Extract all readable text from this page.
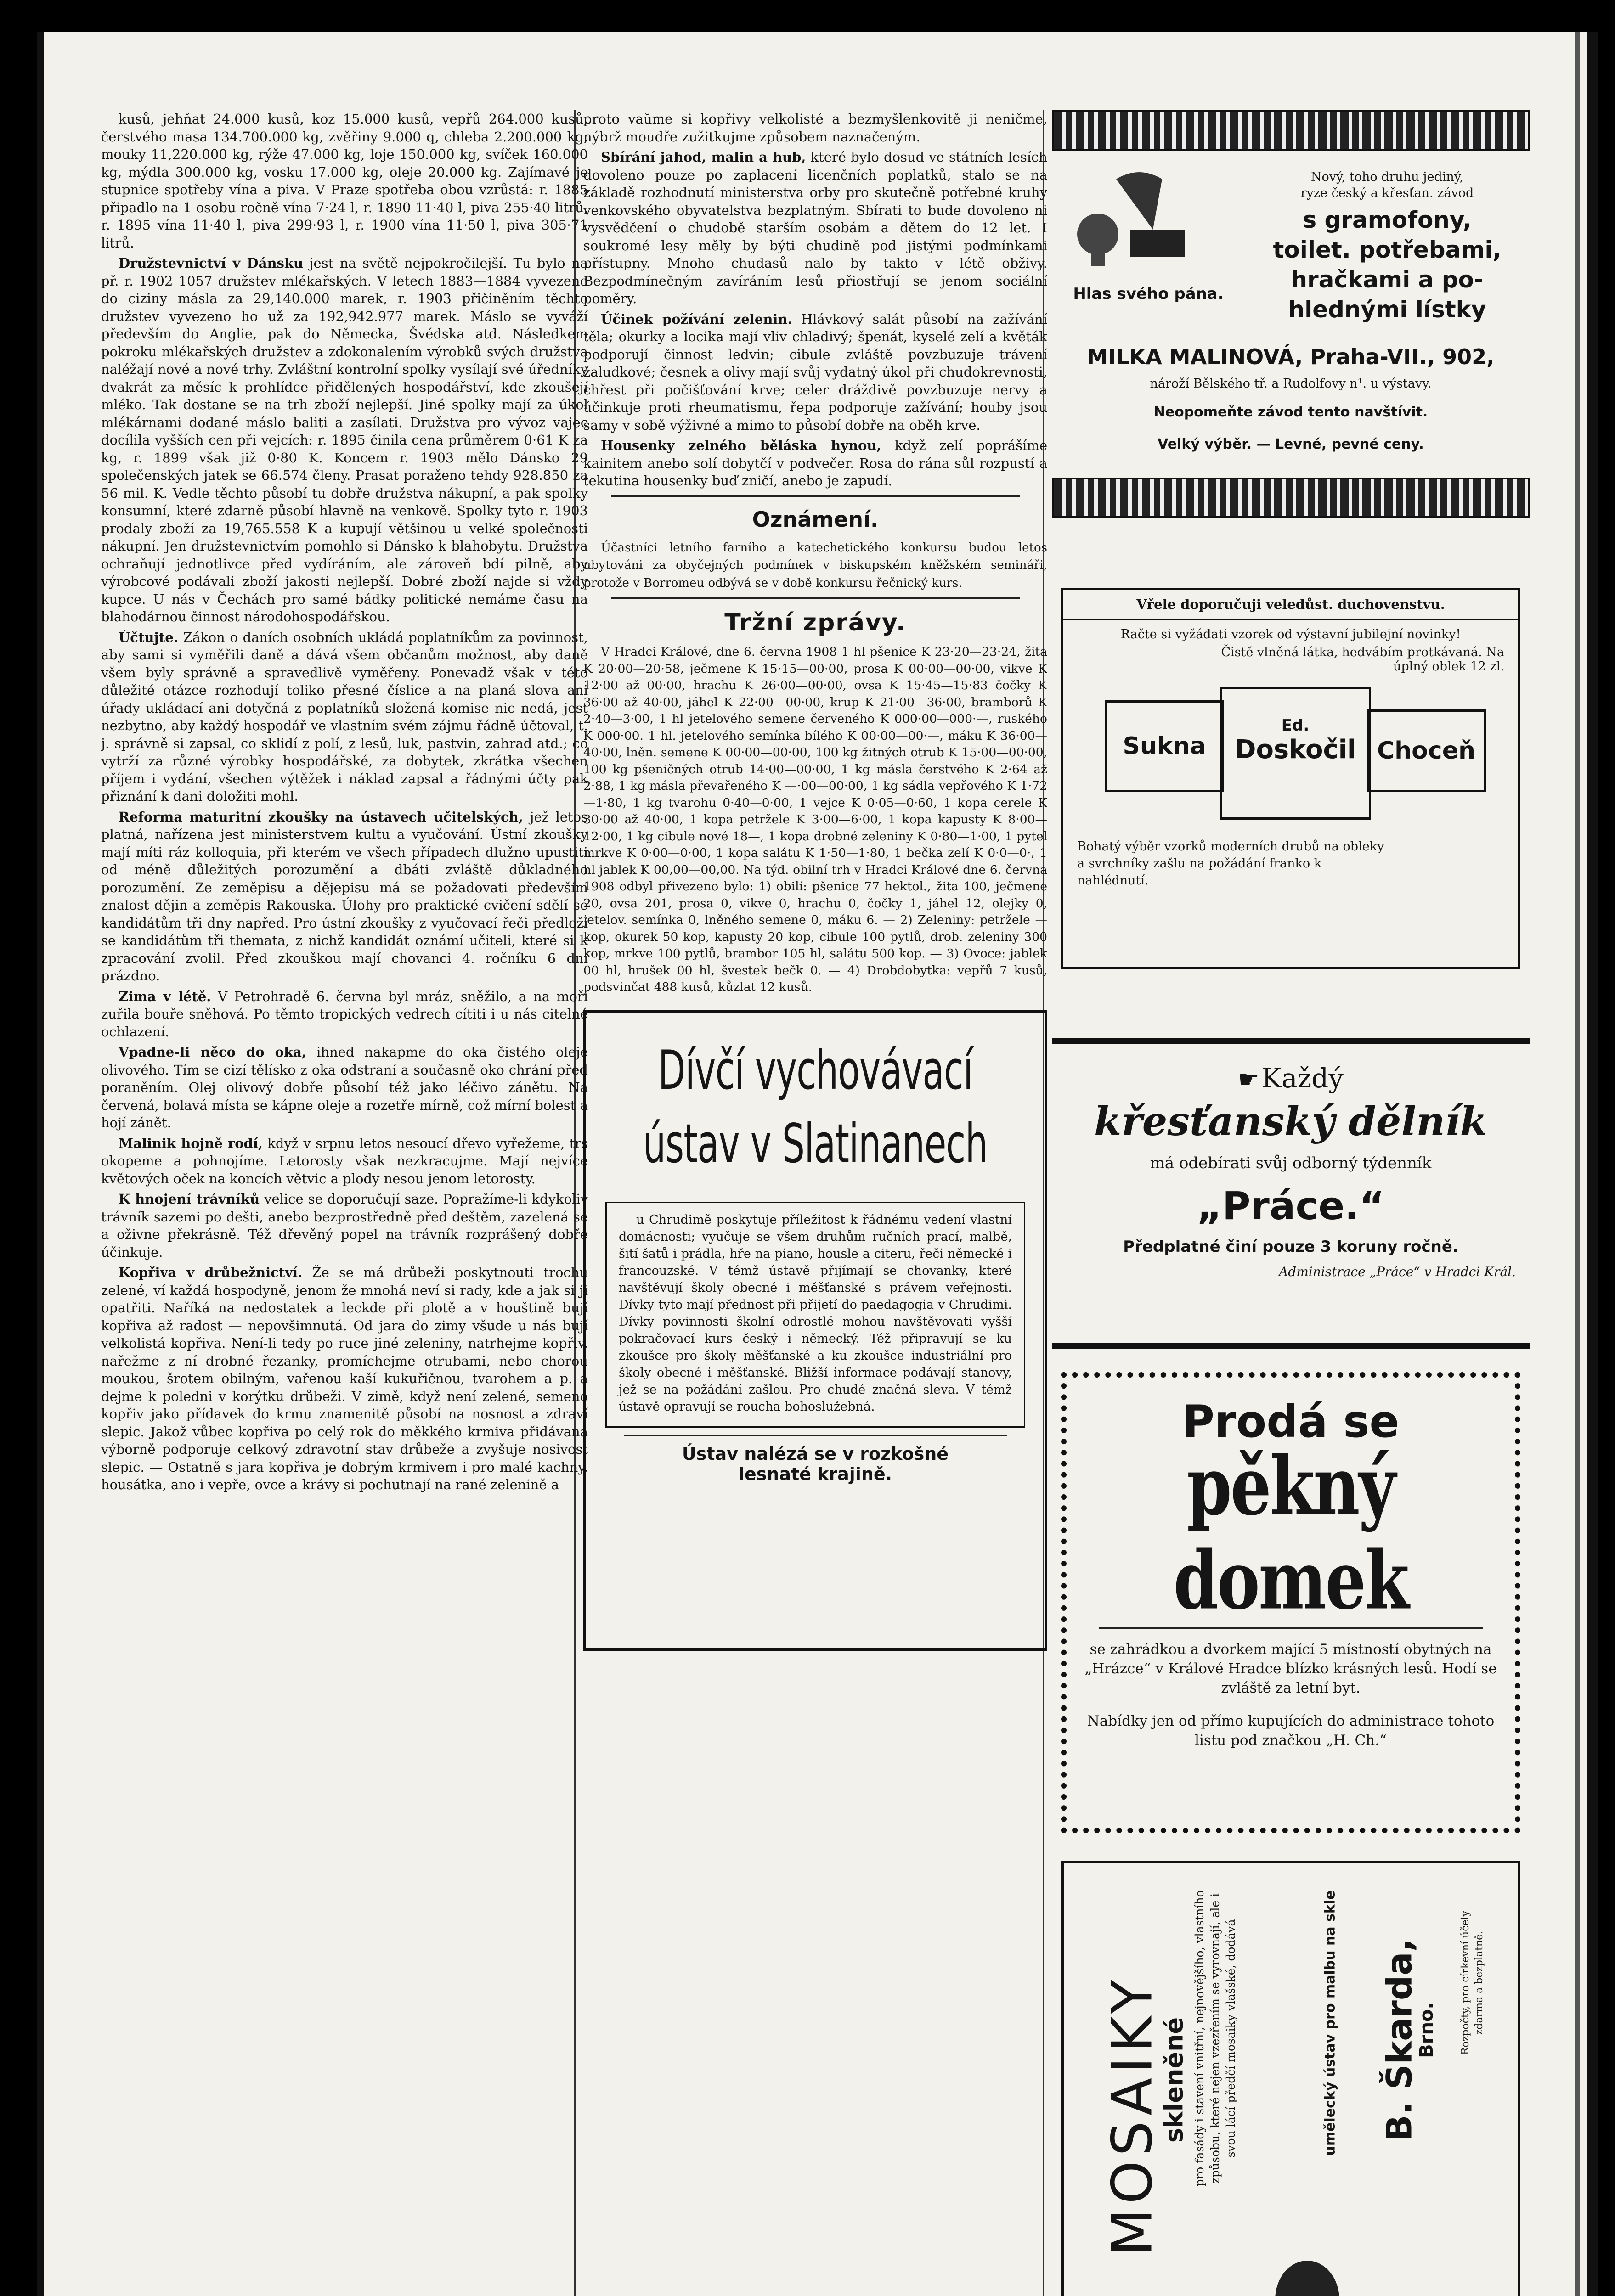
kusů, jehňat 24.000 kusů, koz 15.000 kusů, vepřů 264.000 kusů, čerstvého masa 134.700.000 kg, zvěřiny 9.000 q, chleba 2.200.000 kg, mouky 11,220.000 kg, rýže 47.000 kg, loje 150.000 kg, svíček 160.000 kg, mýdla 300.000 kg, vosku 17.000 kg, oleje 20.000 kg. Zajímavé je stupnice spotřeby vína a piva. V Praze spotřeba obou vzrůstá: r. 1885 připadlo na 1 osobu ročně vína 7·24 l, r. 1890 11·40 l, piva 255·40 litrů, r. 1895 vína 11·40 l, piva 299·93 l, r. 1900 vína 11·50 l, piva 305·71 litrů.

Družstevnictví v Dánsku jest na světě nejpokročilejší. Tu bylo na př. r. 1902 1057 družstev mlékařských. V letech 1883—1884 vyvezeno do ciziny másla za 29,140.000 marek, r. 1903 přičiněním těchto družstev vyvezeno ho už za 192,942.977 marek. Máslo se vyváží především do Anglie, pak do Německa, Švédska atd. Následkem pokroku mlékařských družstev a zdokonalením výrobků svých družstva naléžají nové a nové trhy. Zvláštní kontrolní spolky vysílají své úředníky dvakrát za měsíc k prohlídce přidělených hospodářství, kde zkoušejí mléko. Tak dostane se na trh zboží nejlepší. Jiné spolky mají za úkol mlékárnami dodané máslo baliti a zasílati. Družstva pro vývoz vajec docílila vyšších cen při vejcích: r. 1895 činila cena průměrem 0·61 K za kg, r. 1899 však již 0·80 K. Koncem r. 1903 mělo Dánsko 29 společenských jatek se 66.574 členy. Prasat poraženo tehdy 928.850 za 56 mil. K. Vedle těchto působí tu dobře družstva nákupní, a pak spolky konsumní, které zdarně působí hlavně na venkově. Spolky tyto r. 1903 prodaly zboží za 19,765.558 K a kupují většinou u velké společnosti nákupní. Jen družstevnictvím pomohlo si Dánsko k blahobytu. Družstva ochraňují jednotlivce před vydíráním, ale zároveň bdí pilně, aby výrobcové podávali zboží jakosti nejlepší. Dobré zboží najde si vždy kupce. U nás v Čechách pro samé bádky politické nemáme času na blahodárnou činnost národohospodářskou.

Účtujte. Zákon o daních osobních ukládá poplatníkům za povinnost, aby sami si vyměřili daně a dává všem občanům možnost, aby daně všem byly správně a spravedlivě vyměřeny. Ponevadž však v této důležité otázce rozhodují toliko přesné číslice a na planá slova ani úřady ukládací ani dotyčná z poplatníků složená komise nic nedá, jest nezbytno, aby každý hospodář ve vlastním svém zájmu řádně účtoval, t. j. správně si zapsal, co sklidí z polí, z lesů, luk, pastvin, zahrad atd.; co vytrží za různé výrobky hospodářské, za dobytek, zkrátka všechen příjem i vydání, všechen výtěžek i náklad zapsal a řádnými účty pak přiznání k dani doložiti mohl.

Reforma maturitní zkoušky na ústavech učitelských, jež letos platná, nařízena jest ministerstvem kultu a vyučování. Ústní zkoušky mají míti ráz kolloquia, při kterém ve všech případech dlužno upustiti od méně důležitých porozumění a dbáti zvláště důkladného porozumění. Ze zeměpisu a dějepisu má se požadovati především znalost dějin a zeměpis Rakouska. Úlohy pro praktické cvičení sdělí se kandidátům tři dny napřed. Pro ústní zkoušky z vyučovací řeči předloží se kandidátům tři themata, z nichž kandidát oznámí učiteli, které si k zpracování zvolil. Před zkouškou mají chovanci 4. ročníku 6 dní prázdno.

Zima v létě. V Petrohradě 6. června byl mráz, sněžilo, a na moři zuřila bouře sněhová. Po těmto tropických vedrech cítiti i u nás citelné ochlazení.

Vpadne-li něco do oka, ihned nakapme do oka čistého oleje olivového. Tím se cizí tělísko z oka odstraní a současně oko chrání před poraněním. Olej olivový dobře působí též jako léčivo zánětu. Na červená, bolavá místa se kápne oleje a rozetře mírně, což mírní bolest a hojí zánět.

Malinik hojně rodí, když v srpnu letos nesoucí dřevo vyřežeme, trs okopeme a pohnojíme. Letorosty však nezkracujme. Mají nejvíce květových oček na koncích větvic a plody nesou jenom letorosty.

K hnojení trávníků velice se doporučují saze. Popražíme-li kdykoliv trávník sazemi po dešti, anebo bezprostředně před deštěm, zazelená se a oživne překrásně. Též dřevěný popel na trávník rozprášený dobře účinkuje.

Kopřiva v drůbežnictví. Že se má drůbeži poskytnouti trochu zelené, ví každá hospodyně, jenom že mnohá neví si rady, kde a jak si ji opatřiti. Naříká na nedostatek a leckde při plotě a v houštině bují kopřiva až radost — nepovšimnutá. Od jara do zimy všude u nás bují velkolistá kopřiva. Není-li tedy po ruce jiné zeleniny, natrhejme kopřiv, nařežme z ní drobné řezanky, promíchejme otrubami, nebo chorou moukou, šrotem obilným, vařenou kaší kukuřičnou, tvarohem a p. a dejme k poledni v korýtku drůbeži. V zimě, když není zelené, semeno kopřiv jako přídavek do krmu znamenitě působí na nosnost a zdraví slepic. Jakož vůbec kopřiva po celý rok do měkkého krmiva přidávaná výborně podporuje celkový zdravotní stav drůbeže a zvyšuje nosivost slepic. — Ostatně s jara kopřiva je dobrým krmivem i pro malé kachny, housátka, ano i vepře, ovce a krávy si pochutnají na rané zelenině a

proto vaŭme si kopřivy velkolisté a bezmyšlenkovitě ji neničme, nýbrž moudře zužitkujme způsobem naznačeným.

Sbírání jahod, malin a hub, které bylo dosud ve státních lesích dovoleno pouze po zaplacení licenčních poplatků, stalo se na základě rozhodnutí ministerstva orby pro skutečně potřebné kruhy venkovského obyvatelstva bezplatným. Sbírati to bude dovoleno ni vysvědčení o chudobě starším osobám a dětem do 12 let. I soukromé lesy měly by býti chudině pod jistými podmínkami přístupny. Mnoho chudasů nalo by takto v létě obživy. Bezpodmínečným zavíráním lesů přiostřují se jenom sociální poměry.

Účinek požívání zelenin. Hlávkový salát působí na zažívání těla; okurky a locika mají vliv chladivý; špenát, kyselé zelí a květák podporují činnost ledvin; cibule zvláště povzbuzuje trávení žaludkové; česnek a olivy mají svůj vydatný úkol při chudokrevnosti, chřest při počišťování krve; celer dráždivě povzbuzuje nervy a účinkuje proti rheumatismu, řepa podporuje zažívání; houby jsou samy v sobě výživné a mimo to působí dobře na oběh krve.

Housenky zelného běláska hynou, když zelí poprášíme kainitem anebo solí dobytčí v podvečer. Rosa do rána sůl rozpustí a tekutina housenky buď zničí, anebo je zapudí.

Oznámení.

Účastníci letního farního a katechetického konkursu budou letos ubytováni za obyčejných podmínek v biskupském kněžském semináři, protože v Borromeu odbývá se v době konkursu řečnický kurs.

Tržní zprávy.

V Hradci Králové, dne 6. června 1908 1 hl pšenice K 23·20—23·24, žita K 20·00—20·58, ječmene K 15·15—00·00, prosa K 00·00—00·00, vikve K 12·00 až 00·00, hrachu K 26·00—00·00, ovsa K 15·45—15·83 čočky K 36·00 až 40·00, jáhel K 22·00—00·00, krup K 21·00—36·00, bramborů K 2·40—3·00, 1 hl jetelového semene červeného K 000·00—000·—, ruského K 000·00. 1 hl. jetelového semínka bílého K 00·00—00·—, máku K 36·00—40·00, lněn. semene K 00·00—00·00, 100 kg žitných otrub K 15·00—00·00, 100 kg pšeničných otrub 14·00—00·00, 1 kg másla čerstvého K 2·64 až 2·88, 1 kg másla převařeného K —·00—00·00, 1 kg sádla vepřového K 1·72—1·80, 1 kg tvarohu 0·40—0·00, 1 vejce K 0·05—0·60, 1 kopa cerele K 30·00 až 40·00, 1 kopa petržele K 3·00—6·00, 1 kopa kapusty K 8·00—12·00, 1 kg cibule nové 18—, 1 kopa drobné zeleniny K 0·80—1·00, 1 pytel mrkve K 0·00—0·00, 1 kopa salátu K 1·50—1·80, 1 bečka zelí K 0·0—0·, 1 hl jablek K 00,00—00,00. Na týd. obilní trh v Hradci Králové dne 6. června 1908 odbyl přivezeno bylo: 1) obilí: pšenice 77 hektol., žita 100, ječmene 20, ovsa 201, prosa 0, vikve 0, hrachu 0, čočky 1, jáhel 12, olejky 0, jetelov. semínka 0, lněného semene 0, máku 6. — 2) Zeleniny: petržele — kop, okurek 50 kop, kapusty 20 kop, cibule 100 pytlů, drob. zeleniny 300 kop, mrkve 100 pytlů, brambor 105 hl, salátu 500 kop. — 3) Ovoce: jablek 00 hl, hrušek 00 hl, švestek bečk 0. — 4) Drobdobytka: vepřů 7 kusů, podsvinčat 488 kusů, kůzlat 12 kusů.

Dívčí vychovávací
ústav v Slatinanech

u Chrudimě poskytuje příležitost k řádnému vedení vlastní domácnosti; vyučuje se všem druhům ručních prací, malbě, šití šatů i prádla, hře na piano, housle a citeru, řeči německé i francouzské. V témž ústavě přijímají se chovanky, které navštěvují školy obecné i měšťanské s právem veřejnosti. Dívky tyto mají přednost při přijetí do paedagogia v Chrudimi. Dívky povinnosti školní odrostlé mohou navštěvovati vyšší pokračovací kurs český i německý. Též připravují se ku zkoušce pro školy měšťanské a ku zkoušce industriální pro školy obecné i měšťanské. Bližší informace podávají stanovy, jež se na požádání zašlou. Pro chudé značná sleva. V témž ústavě opravují se roucha bohoslužebná.

Ústav nalézá se v rozkošné
lesnaté krajině.
Hlas svého pána.
Nový, toho druhu jediný,
ryze český a křesťan. závod
s gramofony,
toilet. potřebami,
hračkami a po-
hlednými lístky
MILKA MALINOVÁ, Praha-VII., 902,
nároží Bělského tř. a Rudolfovy n¹. u výstavy.
Neopomeňte závod tento navštívit.
Velký výběr. — Levné, pevné ceny.
Vřele doporučuji veledůst. duchovenstvu.
Račte si vyžádati vzorek od výstavní jubilejní novinky!
Čistě vlněná látka, hedvábím protkávaná. Na úplný oblek 12 zl.
Sukna
Ed.
Doskočil Choceň
Bohatý výběr vzorků moderních drubů na obleky a svrchníky zašlu na požádání franko k nahlédnutí.
☛ Každý
křesťanský dělník
má odebírati svůj odborný týdenník
„Práce.“
Předplatné činí pouze 3 koruny ročně.
Administrace „Práce“ v Hradci Král.
Prodá se
pěkný domek
se zahrádkou a dvorkem mající 5 místností obytných na „Hrázce“ v Králové Hradce blízko krásných lesů. Hodí se zvláště za letní byt.
Nabídky jen od přímo kupujících do administrace tohoto listu pod značkou „H. Ch.“
MOSAIKY
skleněné pro fasády i stavení vnitřní, nejnovějšího, vlastního způsobu, které nejen vzezřením se vyrovnají, ale i svou lácí předčí mosaiky vlašské, dodává	umělecký ústav pro malbu na skle B. Škarda,
Brno. Rozpočty, pro církevní účely zdarma a bezplatně.
